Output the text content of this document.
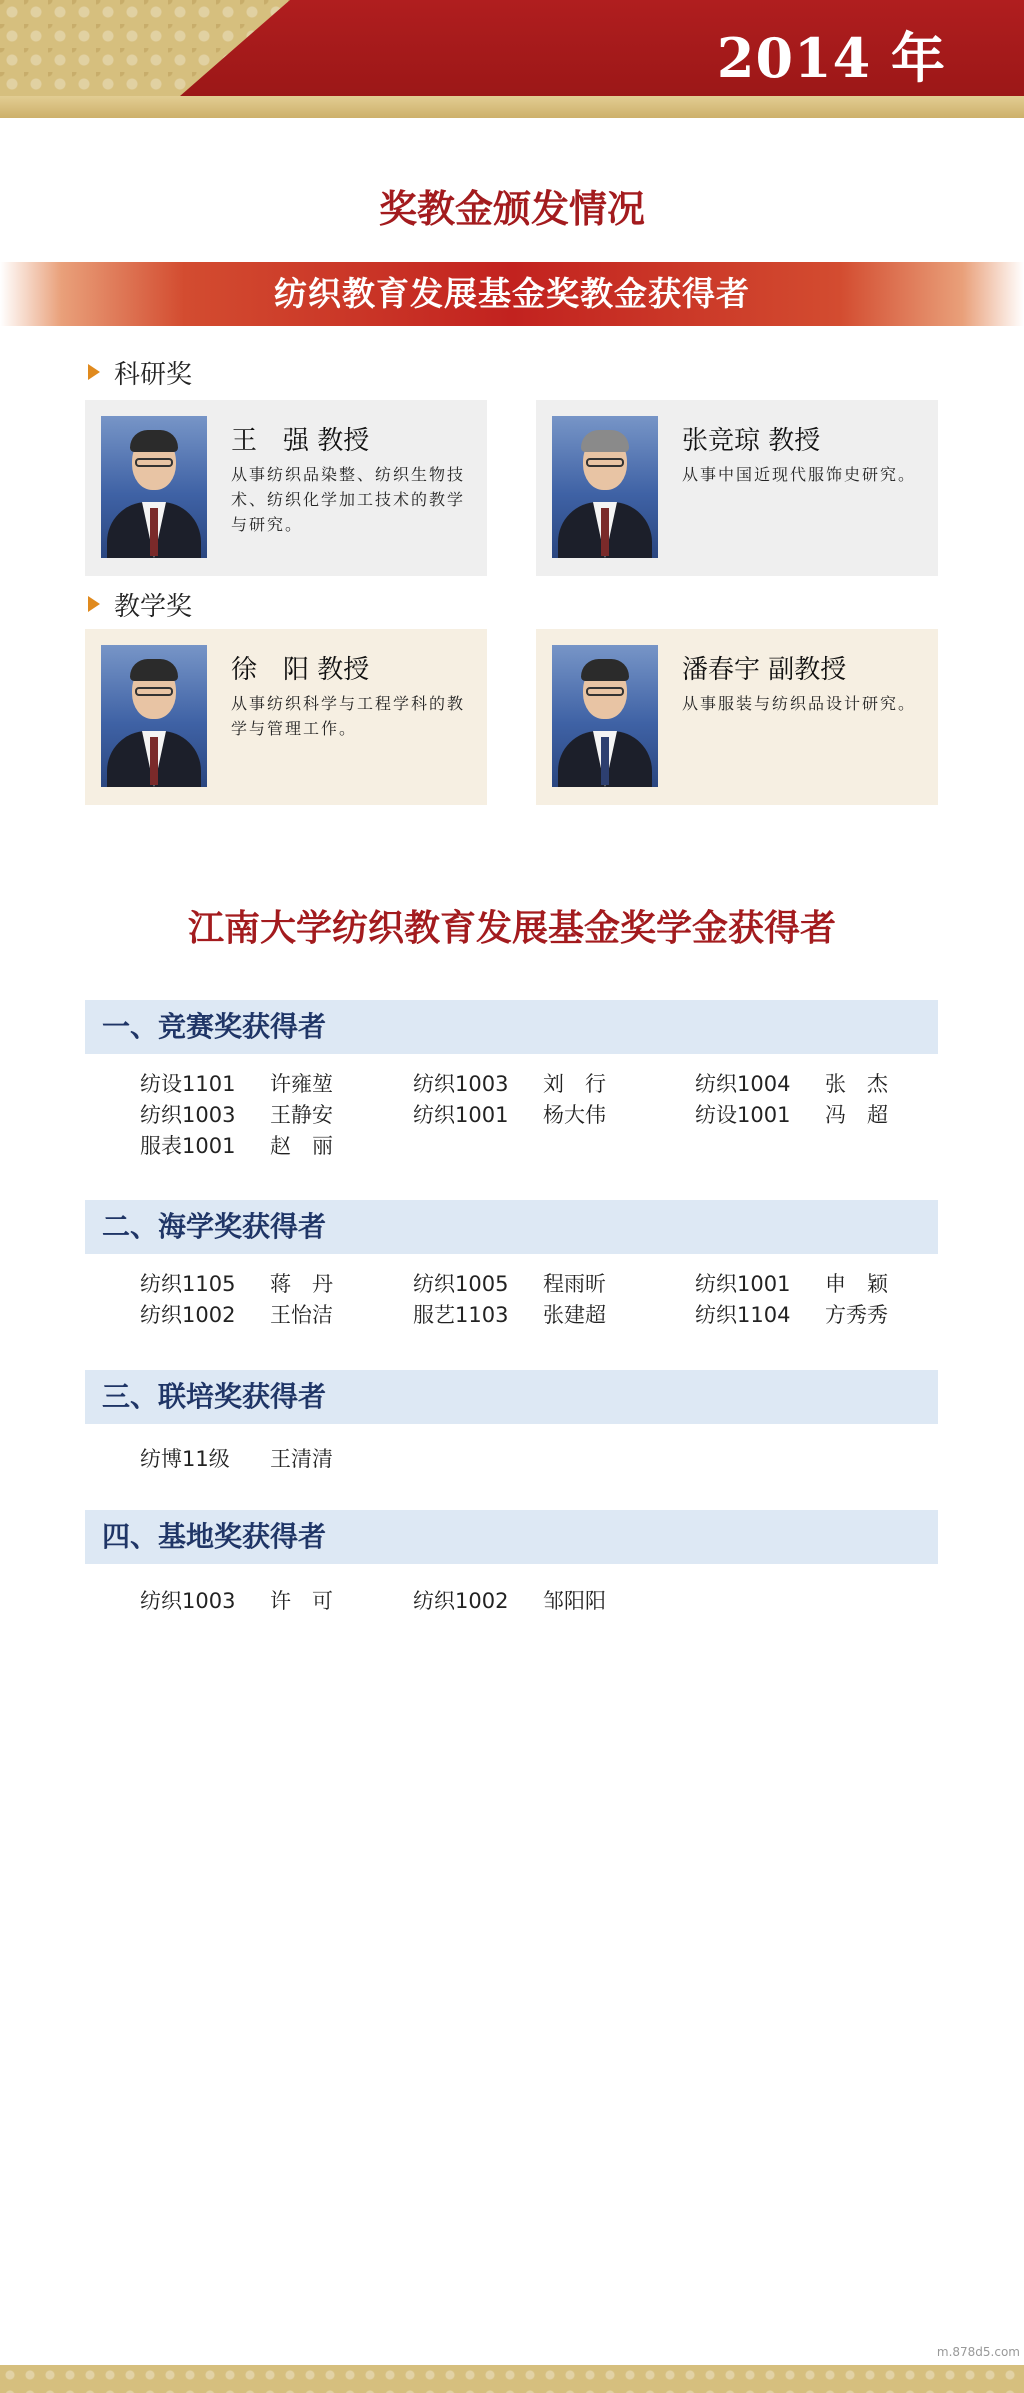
2014 年
奖教金颁发情况
纺织教育发展基金奖教金获得者
科研奖
王　强 教授
从事纺织品染整、纺织生物技术、纺织化学加工技术的教学与研究。
张竞琼 教授
从事中国近现代服饰史研究。
教学奖
徐　阳 教授
从事纺织科学与工程学科的教学与管理工作。
潘春宇 副教授
从事服装与纺织品设计研究。
江南大学纺织教育发展基金奖学金获得者
一、竞赛奖获得者
纺设1101 许雍堃	纺织1003 刘　行	纺织1004 张　杰
纺织1003 王静安	纺织1001 杨大伟	纺设1001 冯　超
服表1001 赵　丽
二、海学奖获得者
纺织1105 蒋　丹	纺织1005 程雨昕	纺织1001 申　颖
纺织1002 王怡洁	服艺1103 张建超	纺织1104 方秀秀
三、联培奖获得者
纺博11级 王清清
四、基地奖获得者
纺织1003 许　可	纺织1002 邹阳阳
m.878d5.com
